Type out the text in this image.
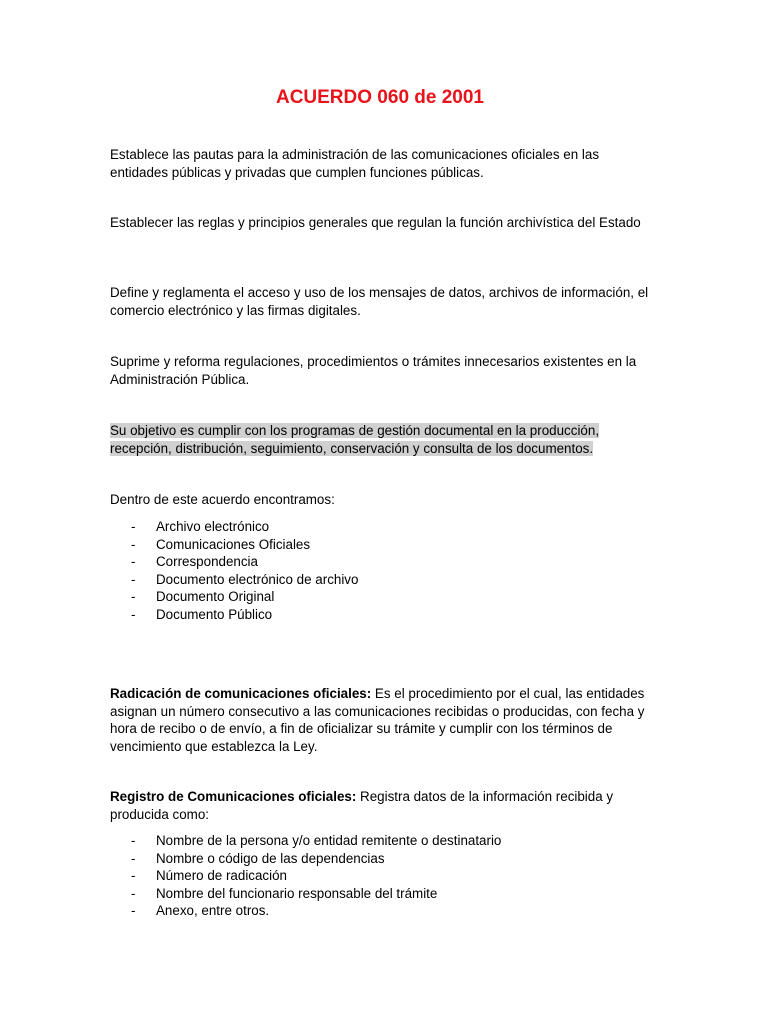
ACUERDO 060 de 2001
Establece las pautas para la administración de las comunicaciones oficiales en las entidades públicas y privadas que cumplen funciones públicas.
Establecer las reglas y principios generales que regulan la función archivística del Estado
Define y reglamenta el acceso y uso de los mensajes de datos, archivos de información, el comercio electrónico y las firmas digitales.
Suprime y reforma regulaciones, procedimientos o trámites innecesarios existentes en la Administración Pública.
Su objetivo es cumplir con los programas de gestión documental en la producción, recepción, distribución, seguimiento, conservación y consulta de los documentos.
Dentro de este acuerdo encontramos:
- Archivo electrónico
- Comunicaciones Oficiales
- Correspondencia
- Documento electrónico de archivo
- Documento Original
- Documento Público
Radicación de comunicaciones oficiales: Es el procedimiento por el cual, las entidades asignan un número consecutivo a las comunicaciones recibidas o producidas, con fecha y hora de recibo o de envío, a fin de oficializar su trámite y cumplir con los términos de vencimiento que establezca la Ley.
Registro de Comunicaciones oficiales: Registra datos de la información recibida y producida como:
- Nombre de la persona y/o entidad remitente o destinatario
- Nombre o código de las dependencias
- Número de radicación
- Nombre del funcionario responsable del trámite
- Anexo, entre otros.
